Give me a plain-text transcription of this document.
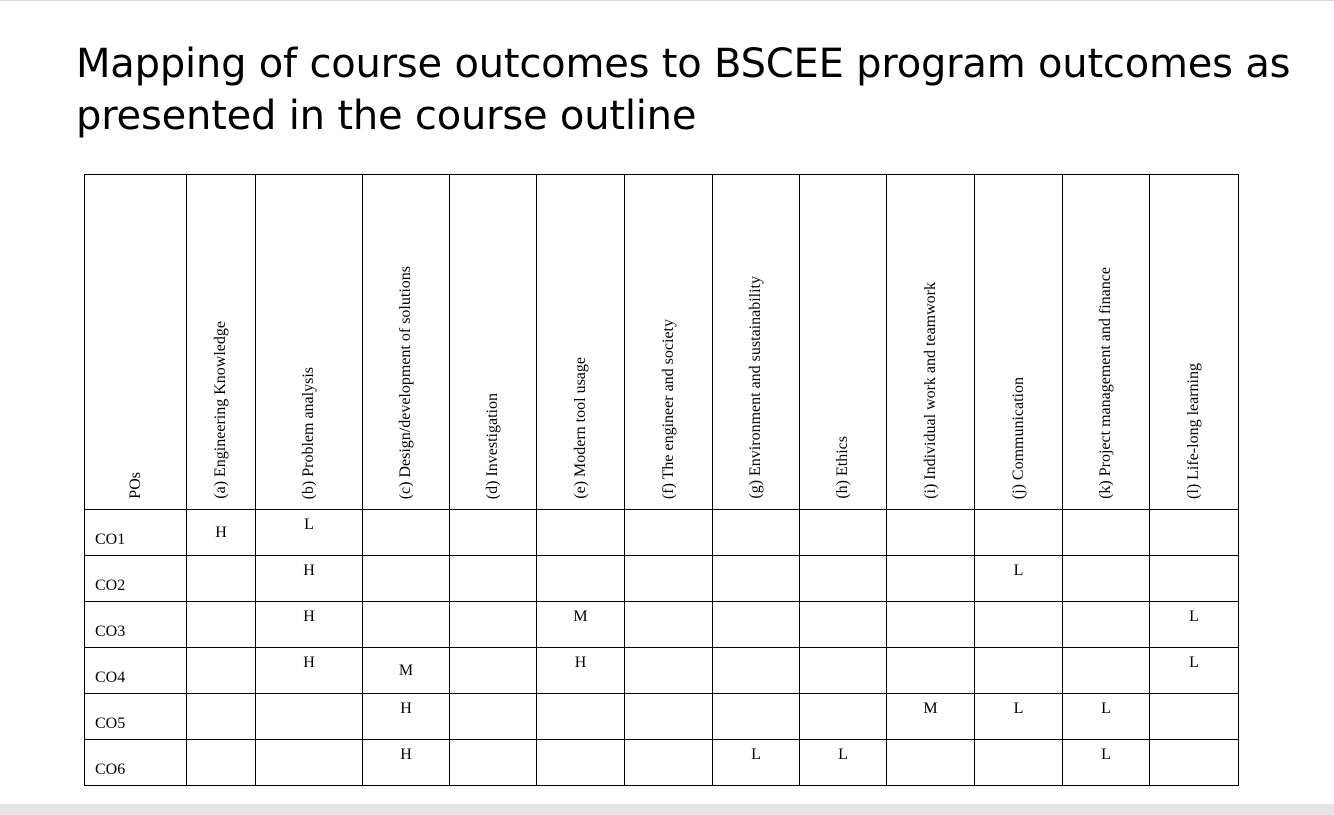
Mapping of course outcomes to BSCEE program outcomes as presented in the course outline
POs	(a) Engineering Knowledge	(b) Problem analysis	(c) Design/development of solutions	(d) Investigation	(e) Modern tool usage	(f) The engineer and society	(g) Environment and sustainability	(h) Ethics	(i) Individual work and teamwork	(j) Communication	(k) Project management and finance	(l) Life-long learning

CO1	H	L										

CO2		H								L		

CO3		H			M							L

CO4		H	M		H							L

CO5			H						M	L	L	

CO6			H				L	L			L	
